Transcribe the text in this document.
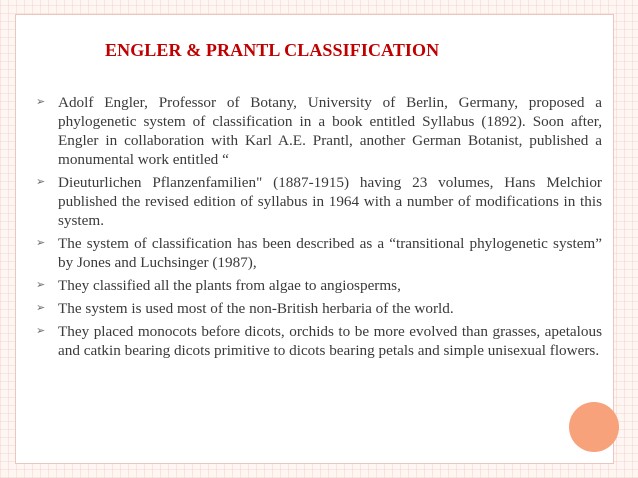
ENGLER & PRANTL CLASSIFICATION
➢ Adolf Engler, Professor of Botany, University of Berlin, Germany, proposed a phylogenetic system of classification in a book entitled Syllabus (1892). Soon after, Engler in collaboration with Karl A.E. Prantl, another German Botanist, published a monumental work entitled “
➢ Dieuturlichen Pflanzenfamilien" (1887-1915) having 23 volumes, Hans Melchior published the revised edition of syllabus in 1964 with a number of modifications in this system.
➢ The system of classification has been described as a “transitional phylogenetic system” by Jones and Luchsinger (1987),
➢ They classified all the plants from algae to angiosperms,
➢ The system is used most of the non-British herbaria of the world.
➢ They placed monocots before dicots, orchids to be more evolved than grasses, apetalous and catkin bearing dicots primitive to dicots bearing petals and simple unisexual flowers.
